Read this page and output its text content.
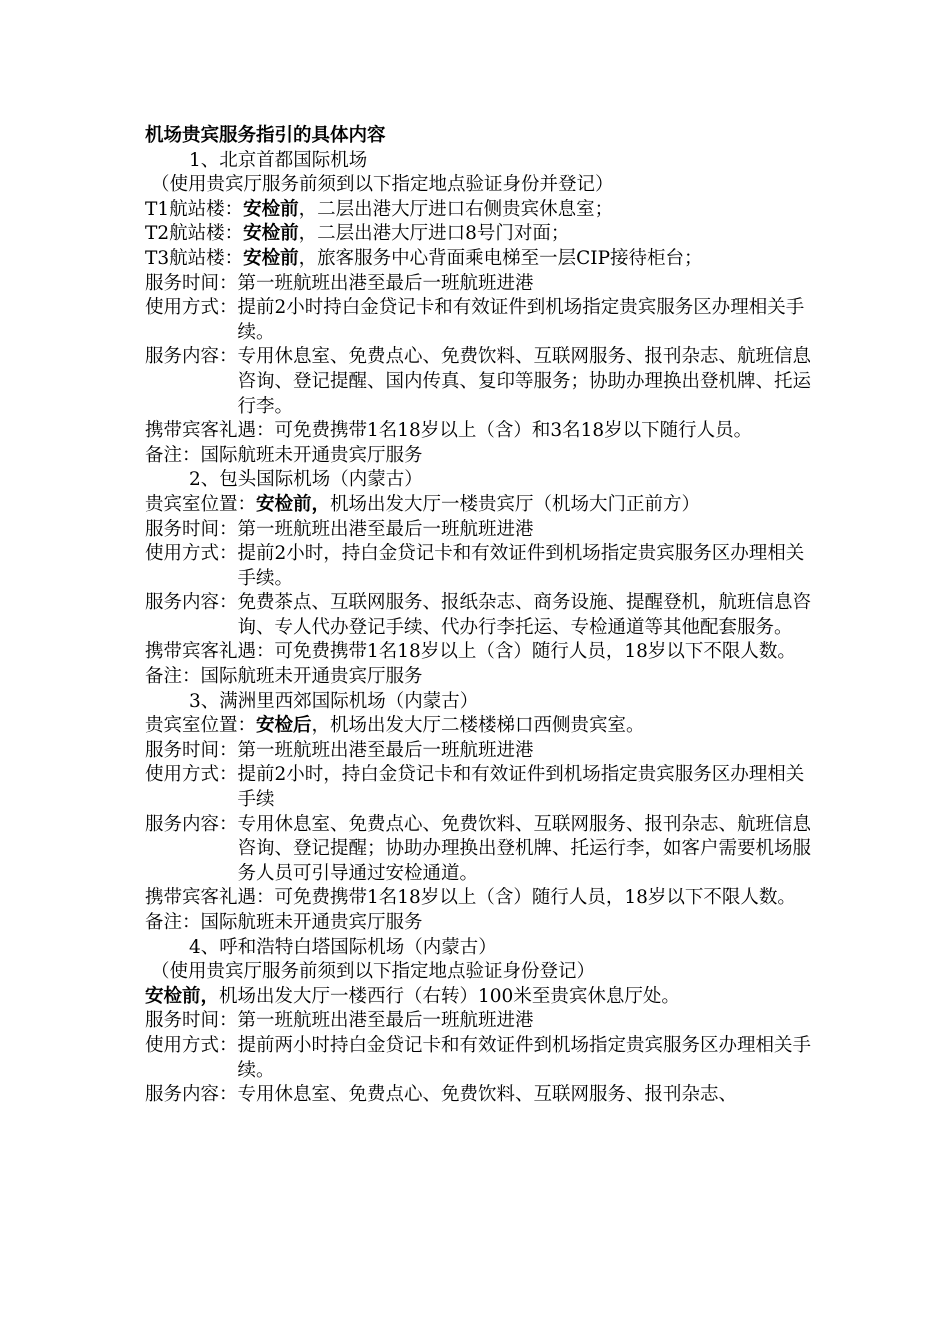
机场贵宾服务指引的具体内容
1、北京首都国际机场
（使用贵宾厅服务前须到以下指定地点验证身份并登记）
T1航站楼：安检前，二层出港大厅进口右侧贵宾休息室；
T2航站楼：安检前，二层出港大厅进口8号门对面；
T3航站楼：安检前，旅客服务中心背面乘电梯至一层CIP接待柜台；
服务时间： 第一班航班出港至最后一班航班进港
使用方式： 提前2小时持白金贷记卡和有效证件到机场指定贵宾服务区办理相关手续。
服务内容： 专用休息室、免费点心、免费饮料、互联网服务、报刊杂志、航班信息咨询、登记提醒、国内传真、复印等服务；协助办理换出登机牌、托运行李。
携带宾客礼遇： 可免费携带1名18岁以上（含）和3名18岁以下随行人员。
备注： 国际航班未开通贵宾厅服务
2、包头国际机场（内蒙古）
贵宾室位置：安检前，机场出发大厅一楼贵宾厅（机场大门正前方）
服务时间： 第一班航班出港至最后一班航班进港
使用方式： 提前2小时，持白金贷记卡和有效证件到机场指定贵宾服务区办理相关手续。
服务内容： 免费茶点、互联网服务、报纸杂志、商务设施、提醒登机，航班信息咨询、专人代办登记手续、代办行李托运、专检通道等其他配套服务。
携带宾客礼遇： 可免费携带1名18岁以上（含）随行人员，18岁以下不限人数。
备注： 国际航班未开通贵宾厅服务
3、满洲里西郊国际机场（内蒙古）
贵宾室位置：安检后，机场出发大厅二楼楼梯口西侧贵宾室。
服务时间： 第一班航班出港至最后一班航班进港
使用方式： 提前2小时，持白金贷记卡和有效证件到机场指定贵宾服务区办理相关手续
服务内容： 专用休息室、免费点心、免费饮料、互联网服务、报刊杂志、航班信息咨询、登记提醒；协助办理换出登机牌、托运行李，如客户需要机场服务人员可引导通过安检通道。
携带宾客礼遇： 可免费携带1名18岁以上（含）随行人员，18岁以下不限人数。
备注： 国际航班未开通贵宾厅服务
4、呼和浩特白塔国际机场（内蒙古）
（使用贵宾厅服务前须到以下指定地点验证身份登记）
安检前，机场出发大厅一楼西行（右转）100米至贵宾休息厅处。
服务时间： 第一班航班出港至最后一班航班进港
使用方式： 提前两小时持白金贷记卡和有效证件到机场指定贵宾服务区办理相关手续。
服务内容： 专用休息室、免费点心、免费饮料、互联网服务、报刊杂志、
